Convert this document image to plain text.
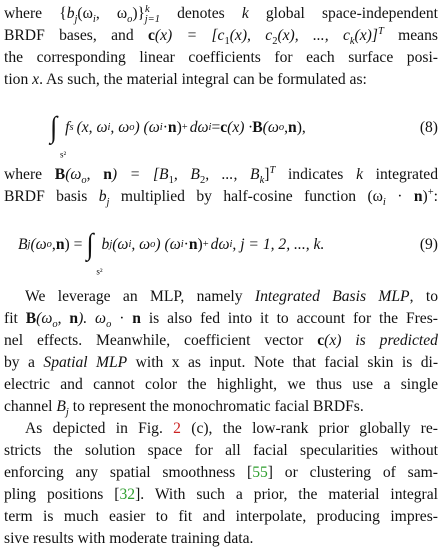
where {$b_j(\omega_i$, $\omega_o)\}^k_{j=1}$ denotes k global space-independent

BRDF bases, and $c(x) = [c_1(x)$, $c_2(x)$, ..., $c_k(x)]^T$ means

the corresponding linear coefficients for each surface posi-

tion x. As such, the material integral can be formulated as:

∫
s²
f s (x, ω i , ω o ) (ω i · n ) + dω i = c (x) · B (ω o , n ),	(8)

where $B(\omega_o$, $n) = [B_1$, $B_2$, ..., $B_k]^T$ indicates k integrated

BRDF basis $b_j$ multiplied by half-cosine function $(\omega_i \cdot n)^+$:

B j (ω o , n ) = ∫
s²
b j (ω i , ω o ) (ω i · n ) + dω i , j = 1, 2, ..., k.	(9)

We leverage an MLP, namely Integrated Basis MLP, to

fit $B(\omega_o$, n). $\omega_o \cdot n$ is also fed into it to account for the Fres-

nel effects. Meanwhile, coefficient vector c(x) is predicted

by a Spatial MLP with x as input. Note that facial skin is di-

electric and cannot color the highlight, we thus use a single

channel $B_j$ to represent the monochromatic facial BRDFs.

As depicted in Fig. 2 (c), the low-rank prior globally re-

stricts the solution space for all facial specularities without

enforcing any spatial smoothness [55] or clustering of sam-

pling positions [32]. With such a prior, the material integral

term is much easier to fit and interpolate, producing impres-

sive results with moderate training data.
